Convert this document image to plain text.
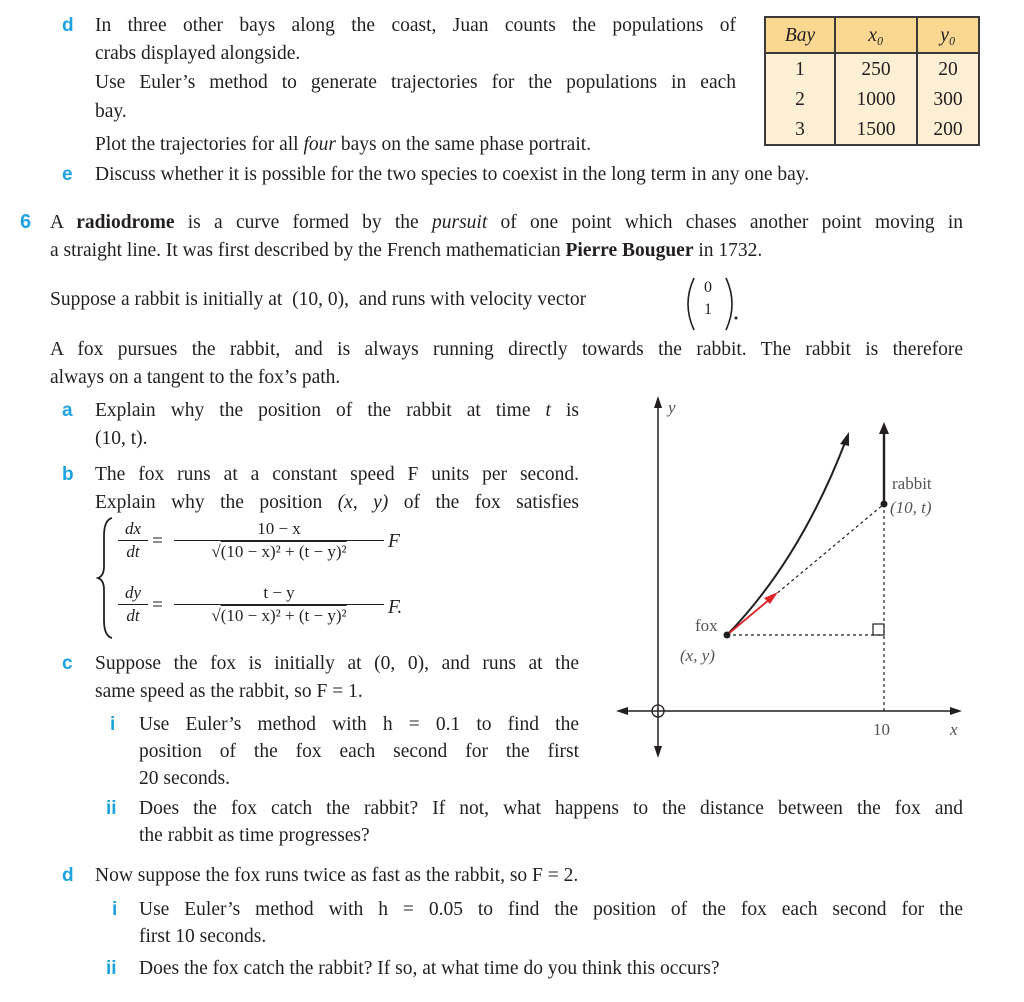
d In three other bays along the coast, Juan counts the populations of
crabs displayed alongside.
Use Euler’s method to generate trajectories for the populations in each
bay.
Plot the trajectories for all four bays on the same phase portrait.
Bay	x₀	y₀
1	250	20
2	1000	300
3	1500	200
e Discuss whether it is possible for the two species to coexist in the long term in any one bay.
6 A radiodrome is a curve formed by the pursuit of one point which chases another point moving in
a straight line. It was first described by the French mathematician Pierre Bouguer in 1732.
Suppose a rabbit is initially at (10, 0), and runs with velocity vector
0
1
A fox pursues the rabbit, and is always running directly towards the rabbit. The rabbit is therefore
always on a tangent to the fox’s path.
a Explain why the position of the rabbit at time t is
(10, t).
b The fox runs at a constant speed F units per second.
Explain why the position (x, y) of the fox satisfies
$\frac{dx}{dt} = \frac{10 - x}{\text{√(10 − x)² + (t − y)²}}$ F
$\frac{dy}{dt} = \frac{t - y}{\text{√(10 − x)² + (t − y)²}} F$.
c Suppose the fox is initially at (0, 0), and runs at the
same speed as the rabbit, so F = 1.
i Use Euler’s method with h = 0.1 to find the
position of the fox each second for the first
20 seconds.
ii Does the fox catch the rabbit? If not, what happens to the distance between the fox and
the rabbit as time progresses?
d Now suppose the fox runs twice as fast as the rabbit, so F = 2.
i Use Euler’s method with h = 0.05 to find the position of the fox each second for the
first 10 seconds.
ii Does the fox catch the rabbit? If so, at what time do you think this occurs?
y
x
10
rabbit
(10, t)
fox
(x, y)
